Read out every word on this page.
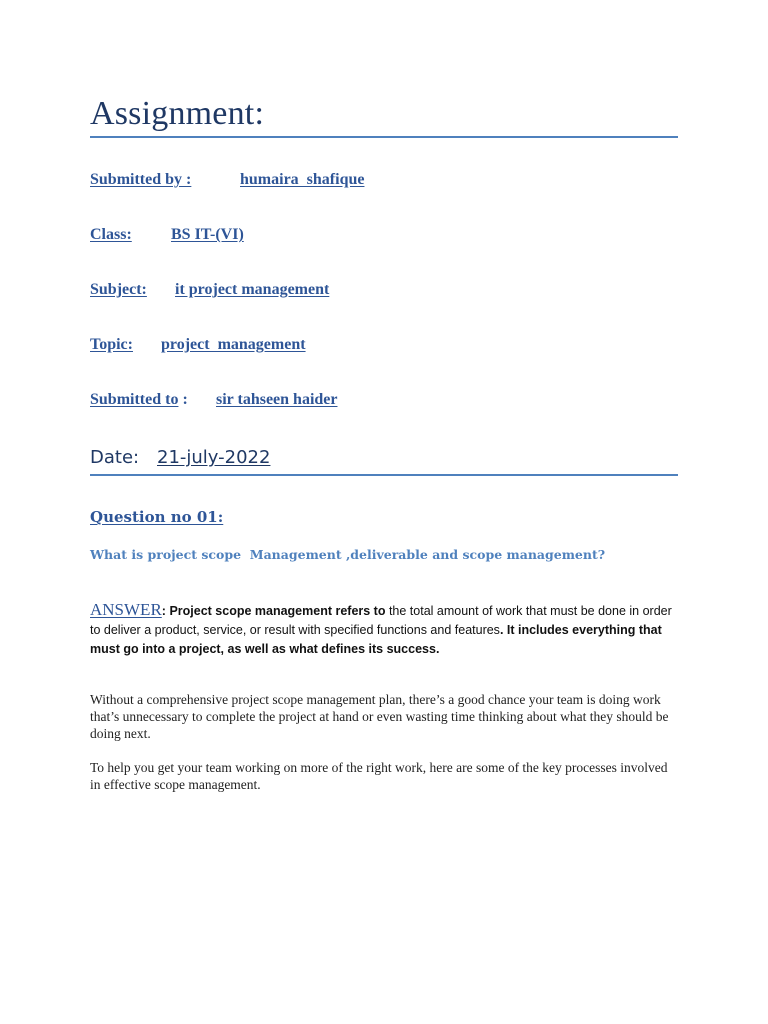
Assignment:
Submitted by :	humaira  shafique
Class: BS IT-(VI)
Subject: it project management
Topic: project  management
Submitted to : sir tahseen haider
Date: 21-july-2022
Question no 01:
What is project scope  Management ,deliverable and scope management?
ANSWER: Project scope management refers to the total amount of work that must be done in order to deliver a product, service, or result with specified functions and features. It includes everything that must go into a project, as well as what defines its success.
Without a comprehensive project scope management plan, there’s a good chance your team is doing work that’s unnecessary to complete the project at hand or even wasting time thinking about what they should be doing next.
To help you get your team working on more of the right work, here are some of the key processes involved in effective scope management.
